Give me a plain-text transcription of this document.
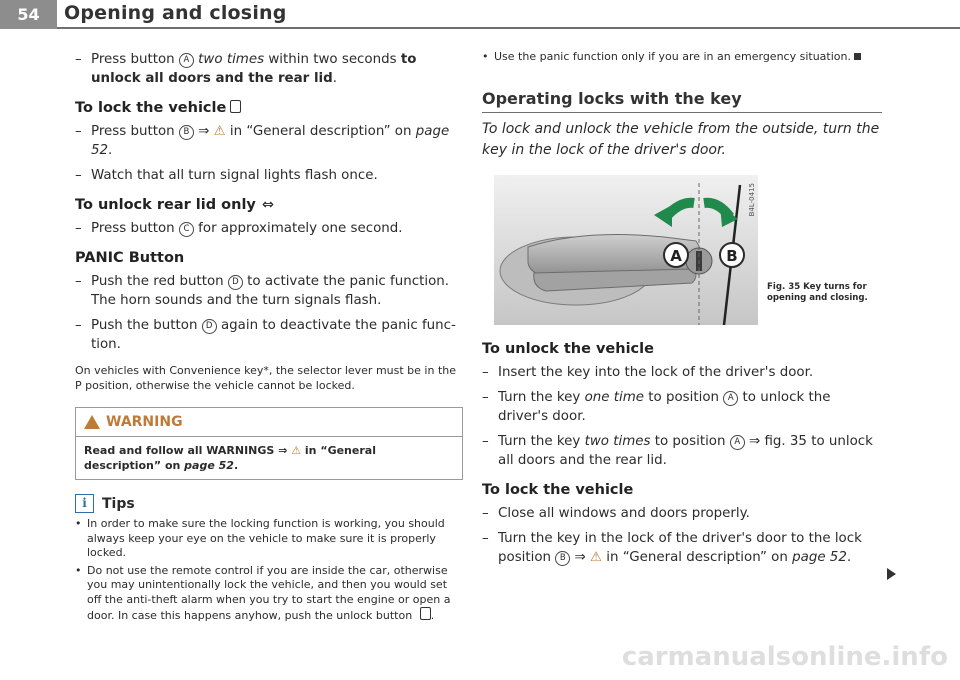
54	Opening and closing
– Press button A two times within two seconds to unlock all doors and the rear lid.
To lock the vehicle
– Press button B ⇒ ⚠ in “General description” on page 52.
– Watch that all turn signal lights flash once.
To unlock rear lid only ⇔
– Press button C for approximately one second.
PANIC Button
– Push the red button D to activate the panic function. The horn sounds and the turn signals flash.
– Push the button D again to deactivate the panic func-tion.
On vehicles with Convenience key*, the selector lever must be in the P position, otherwise the vehicle cannot be locked.
WARNING
Read and follow all WARNINGS ⇒ ⚠ in “General description” on page 52.
i	Tips
• In order to make sure the locking function is working, you should always keep your eye on the vehicle to make sure it is properly locked.
• Do not use the remote control if you are inside the car, otherwise you may unintentionally lock the vehicle, and then you would set off the anti-theft alarm when you try to start the engine or open a door. In case this happens anyhow, push the unlock button .
• Use the panic function only if you are in an emergency situation.
Operating locks with the key
To lock and unlock the vehicle from the outside, turn the key in the lock of the driver's door.
A	B
B4L-0415
Fig. 35 Key turns for opening and closing.
To unlock the vehicle
– Insert the key into the lock of the driver's door.
– Turn the key one time to position A to unlock the driver's door.
– Turn the key two times to position A ⇒ fig. 35 to unlock all doors and the rear lid.
To lock the vehicle
– Close all windows and doors properly.
– Turn the key in the lock of the driver's door to the lock position B ⇒ ⚠ in “General description” on page 52.
carmanualsonline.info
